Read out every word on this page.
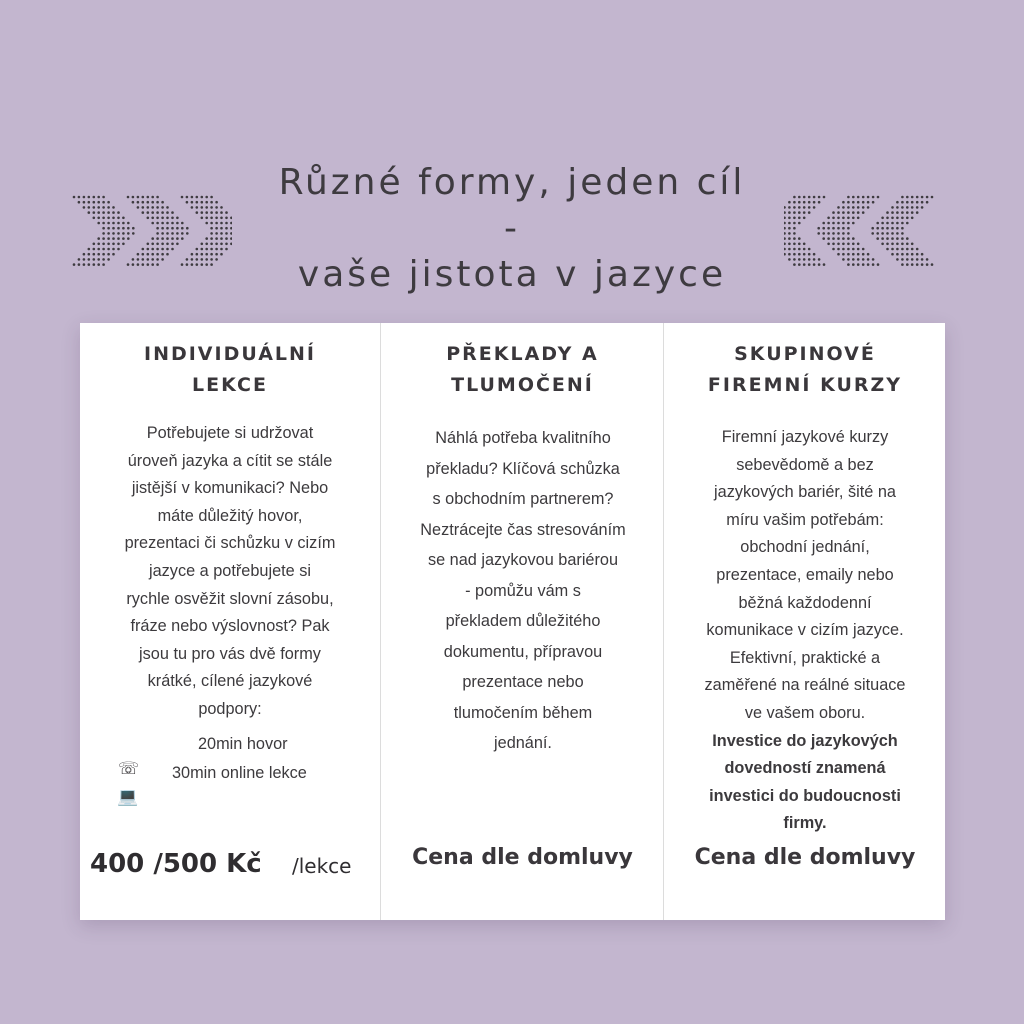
Různé formy, jeden cíl
-
vaše jistota v jazyce
INDIVIDUÁLNÍ
LEKCE
Potřebujete si udržovat
úroveň jazyka a cítit se stále
jistější v komunikaci? Nebo
máte důležitý hovor,
prezentaci či schůzku v cizím
jazyce a potřebujete si
rychle osvěžit slovní zásobu,
fráze nebo výslovnost? Pak
jsou tu pro vás dvě formy
krátké, cílené jazykové
podpory:
20min hovor
☏ 30min online lekce
💻
400 /500 Kč /lekce
PŘEKLADY A
TLUMOČENÍ
Náhlá potřeba kvalitního
překladu? Klíčová schůzka
s obchodním partnerem?
Neztrácejte čas stresováním
se nad jazykovou bariérou
- pomůžu vám s
překladem důležitého
dokumentu, přípravou
prezentace nebo
tlumočením během
jednání.
Cena dle domluvy
SKUPINOVÉ
FIREMNÍ KURZY
Firemní jazykové kurzy
sebevědomě a bez
jazykových bariér, šité na
míru vašim potřebám:
obchodní jednání,
prezentace, emaily nebo
běžná každodenní
komunikace v cizím jazyce.
Efektivní, praktické a
zaměřené na reálné situace
ve vašem oboru.
Investice do jazykových
dovedností znamená
investici do budoucnosti
firmy.
Cena dle domluvy
